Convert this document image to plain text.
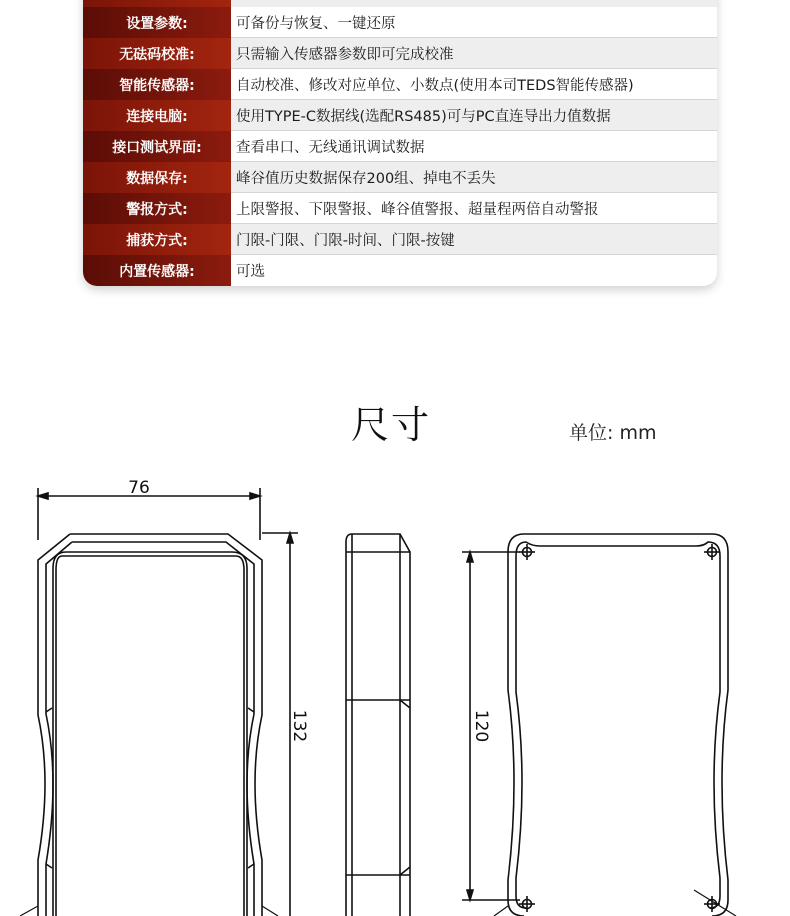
设置参数:	可备份与恢复、一键还原
无砝码校准:	只需输入传感器参数即可完成校准
智能传感器:	自动校准、修改对应单位、小数点(使用本司TEDS智能传感器)
连接电脑:	使用TYPE-C数据线(选配RS485)可与PC直连导出力值数据
接口测试界面:	查看串口、无线通讯调试数据
数据保存:	峰谷值历史数据保存200组、掉电不丢失
警报方式:	上限警报、下限警报、峰谷值警报、超量程两倍自动警报
捕获方式:	门限-门限、门限-时间、门限-按键
内置传感器:	可选
尺寸	单位: mm
76
132	120
